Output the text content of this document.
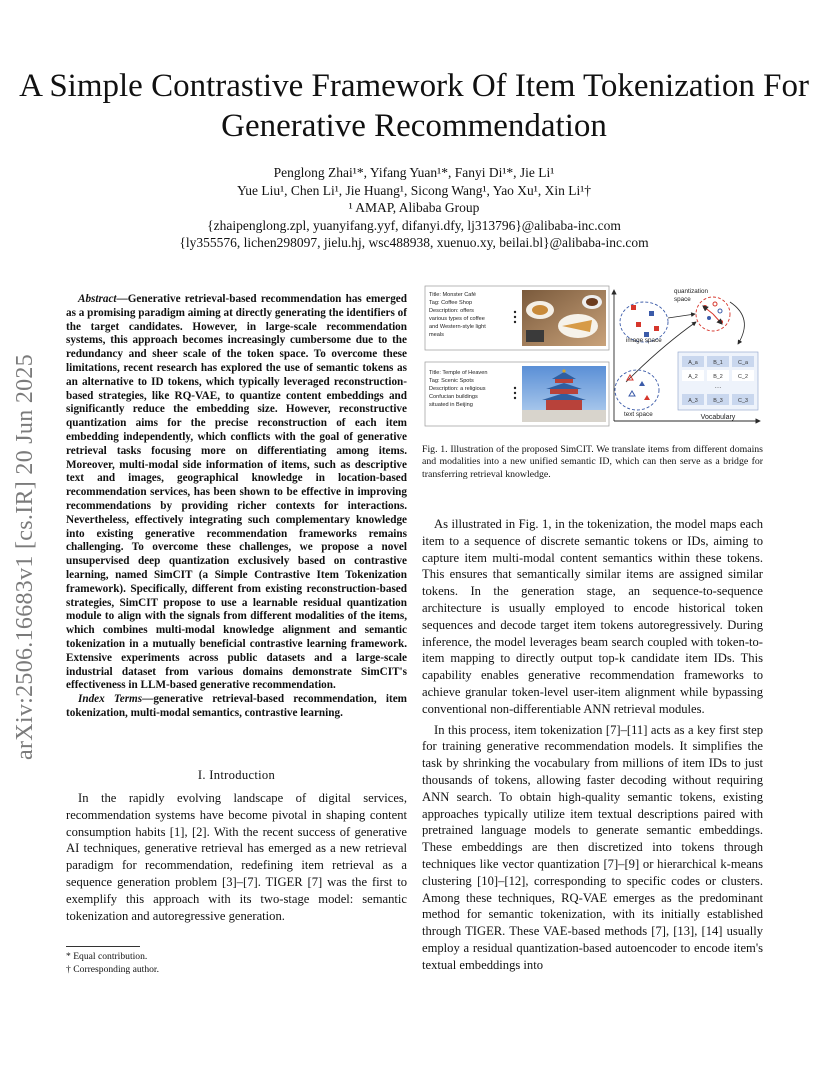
arXiv:2506.16683v1 [cs.IR] 20 Jun 2025
A Simple Contrastive Framework Of Item Tokenization For Generative Recommendation
Penglong Zhai¹*, Yifang Yuan¹*, Fanyi Di¹*, Jie Li¹
Yue Liu¹, Chen Li¹, Jie Huang¹, Sicong Wang¹, Yao Xu¹, Xin Li¹†
¹ AMAP, Alibaba Group
{zhaipenglong.zpl, yuanyifang.yyf, difanyi.dfy, lj313796}@alibaba-inc.com
{ly355576, lichen298097, jielu.hj, wsc488938, xuenuo.xy, beilai.bl}@alibaba-inc.com

Abstract—Generative retrieval-based recommendation has emerged as a promising paradigm aiming at directly generating the identifiers of the target candidates. However, in large-scale recommendation systems, this approach becomes increasingly cumbersome due to the redundancy and sheer scale of the token space. To overcome these limitations, recent research has explored the use of semantic tokens as an alternative to ID tokens, which typically leveraged reconstruction-based strategies, like RQ-VAE, to quantize content embeddings and significantly reduce the embedding size. However, reconstructive quantization aims for the precise reconstruction of each item embedding independently, which conflicts with the goal of generative retrieval tasks focusing more on differentiating among items. Moreover, multi-modal side information of items, such as descriptive text and images, geographical knowledge in location-based recommendation services, has been shown to be effective in improving recommendations by providing richer contexts for interactions. Nevertheless, effectively integrating such complementary knowledge into existing generative recommendation frameworks remains challenging. To overcome these challenges, we propose a novel unsupervised deep quantization exclusively based on contrastive learning, named SimCIT (a Simple Contrastive Item Tokenization framework). Specifically, different from existing reconstruction-based strategies, SimCIT propose to use a learnable residual quantization module to align with the signals from different modalities of the items, which combines multi-modal knowledge alignment and semantic tokenization in a mutually beneficial contrastive learning framework. Extensive experiments across public datasets and a large-scale industrial dataset from various domains demonstrate SimCIT's effectiveness in LLM-based generative recommendation.

Index Terms—generative retrieval-based recommendation, item tokenization, multi-modal semantics, contrastive learning.

I. Introduction

In the rapidly evolving landscape of digital services, recommendation systems have become pivotal in shaping content consumption habits [1], [2]. With the recent success of generative AI techniques, generative retrieval has emerged as a new retrieval paradigm for recommendation, redefining item retrieval as a sequence generation problem [3]–[7]. TIGER [7] was the first to exemplify this approach with its two-stage model: semantic tokenization and autoregressive generation.

* Equal contribution.
† Corresponding author.
Title: Monster Café
Tag: Coffee Shop
Description: offers
various types of coffee
and Western-style light
meals
Title: Temple of Heaven
Tag: Scenic Spots
Description: a religious
Confucian buildings
situated in Beijing
image space
quantization
space
text space
A_a	B_1	C_a
A_2	B_2	C_2
…
A_3	B_3	C_3
Vocabulary
Fig. 1. Illustration of the proposed SimCIT. We translate items from different domains and modalities into a new unified semantic ID, which can then serve as a bridge for transferring retrieval knowledge.

As illustrated in Fig. 1, in the tokenization, the model maps each item to a sequence of discrete semantic tokens or IDs, aiming to capture item multi-modal content semantics within these tokens. This ensures that semantically similar items are assigned similar tokens. In the generation stage, an sequence-to-sequence architecture is usually employed to encode historical token sequences and decode target item tokens autoregressively. During inference, the model leverages beam search coupled with token-to-item mapping to directly output top-k candidate item IDs. This capability enables generative recommendation frameworks to achieve granular token-level user-item alignment while bypassing conventional non-differentiable ANN retrieval modules.

In this process, item tokenization [7]–[11] acts as a key first step for training generative recommendation models. It simplifies the task by shrinking the vocabulary from millions of item IDs to just thousands of tokens, allowing faster decoding without requiring ANN search. To obtain high-quality semantic tokens, existing approaches typically utilize item textual descriptions paired with pretrained language models to generate semantic embeddings. These embeddings are then discretized into tokens through techniques like vector quantization [7]–[9] or hierarchical k-means clustering [10]–[12], corresponding to specific codes or clusters. Among these techniques, RQ-VAE emerges as the predominant method for semantic tokenization, with its initially established through TIGER. These VAE-based methods [7], [13], [14] usually employ a residual quantization-based autoencoder to encode item's textual embeddings into
